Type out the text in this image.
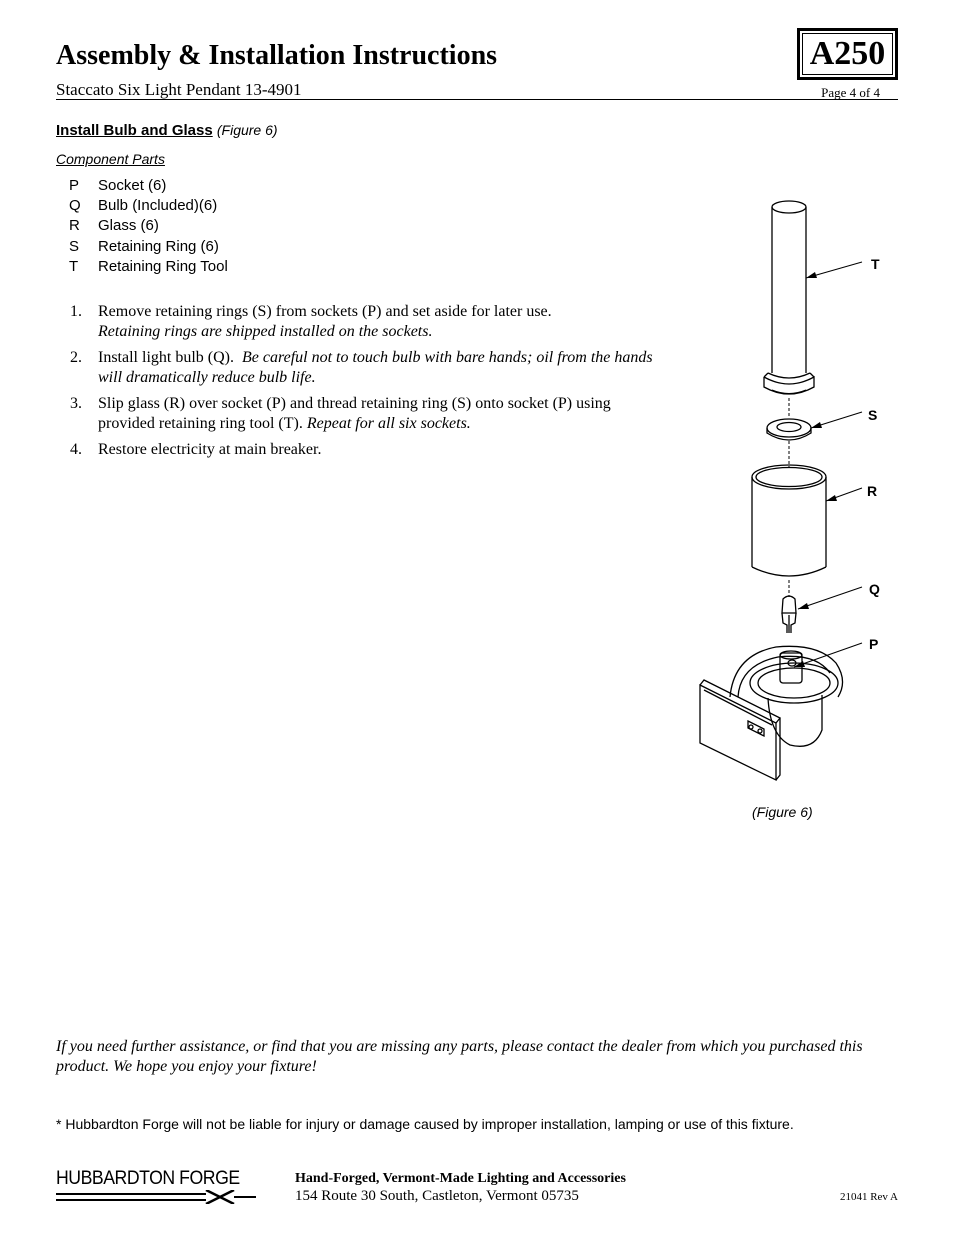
Assembly & Installation Instructions	A250
Staccato Six Light Pendant 13-4901	Page 4 of 4
Install Bulb and Glass (Figure 6)
Component Parts
P	Socket (6)
Q	Bulb (Included)(6)
R	Glass (6)
S	Retaining Ring (6)
T	Retaining Ring Tool
1.	Remove retaining rings (S) from sockets (P) and set aside for later use.
Retaining rings are shipped installed on the sockets.
2.	Install light bulb (Q). Be careful not to touch bulb with bare hands; oil from the hands will dramatically reduce bulb life.
3.	Slip glass (R) over socket (P) and thread retaining ring (S) onto socket (P) using provided retaining ring tool (T). Repeat for all six sockets.
4.	Restore electricity at main breaker.
T
S
R
Q
P
(Figure 6)
If you need further assistance, or find that you are missing any parts, please contact the dealer from which you purchased this product. We hope you enjoy your fixture!
* Hubbardton Forge will not be liable for injury or damage caused by improper installation, lamping or use of this fixture.
HUBBARDTON FORGE	Hand-Forged, Vermont-Made Lighting and Accessories
154 Route 30 South, Castleton, Vermont 05735	21041 Rev A
